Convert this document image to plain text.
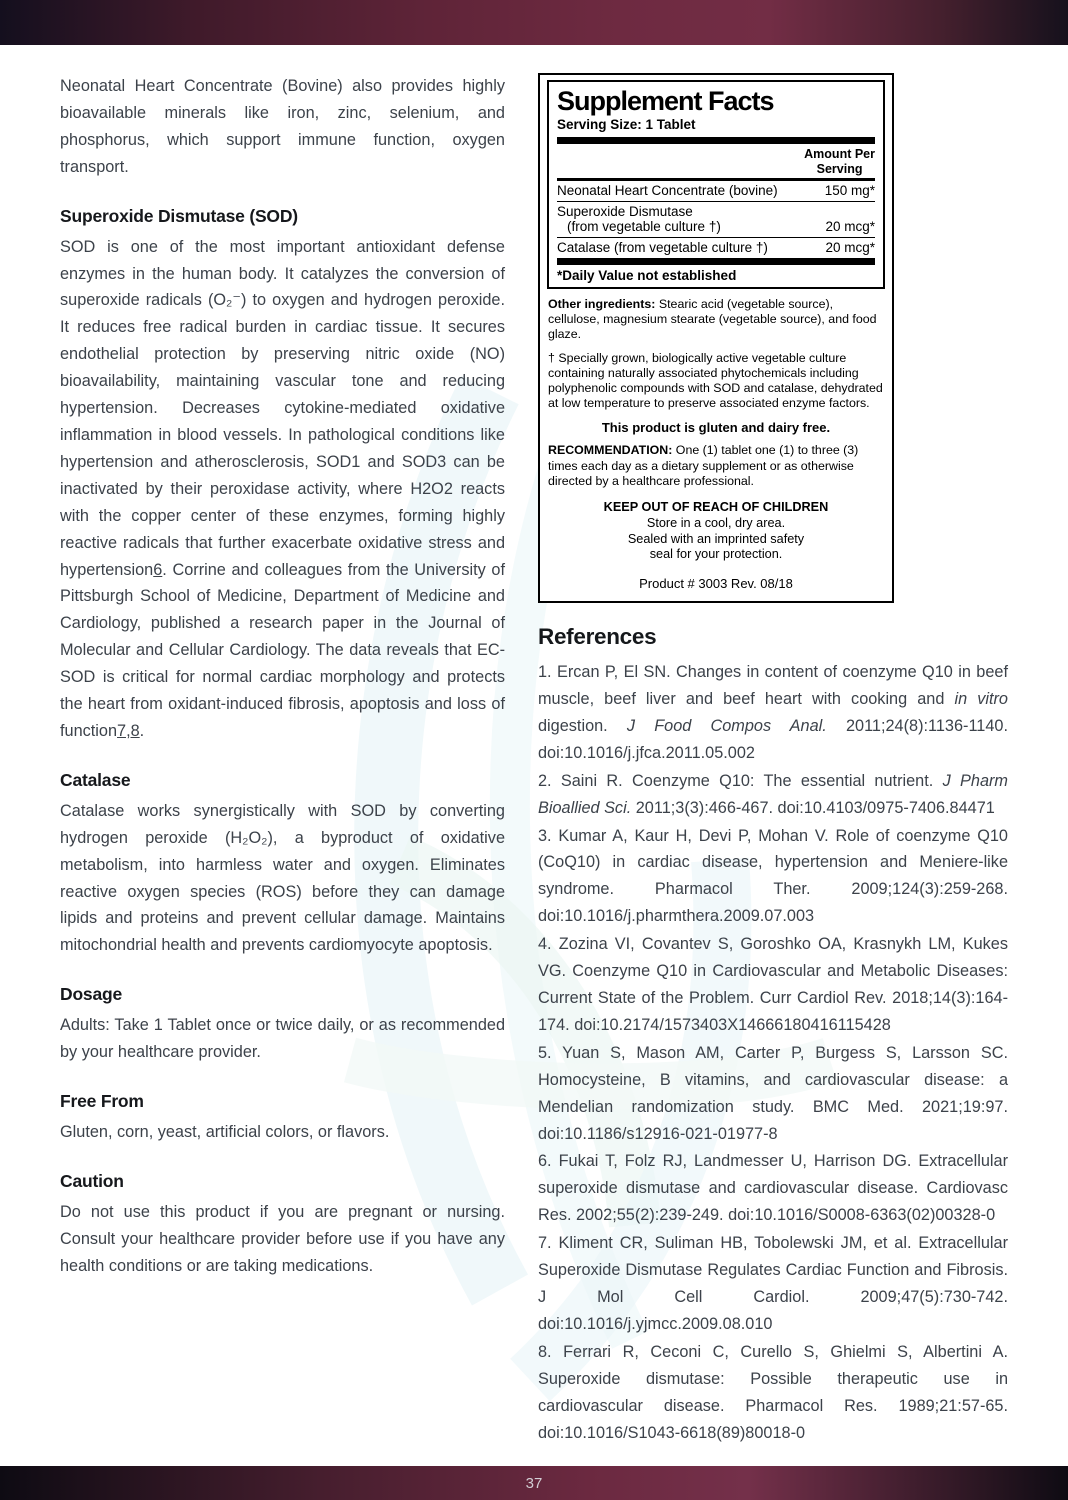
Neonatal Heart Concentrate (Bovine) also provides highly bioavailable minerals like iron, zinc, selenium, and phosphorus, which support immune function, oxygen transport.

Superoxide Dismutase (SOD)

SOD is one of the most important antioxidant defense enzymes in the human body. It catalyzes the conversion of superoxide radicals (O₂⁻) to oxygen and hydrogen peroxide. It reduces free radical burden in cardiac tissue. It secures endothelial protection by preserving nitric oxide (NO) bioavailability, maintaining vascular tone and reducing hypertension. Decreases cytokine-mediated oxidative inflammation in blood vessels. In pathological conditions like hypertension and atherosclerosis, SOD1 and SOD3 can be inactivated by their peroxidase activity, where H2O2 reacts with the copper center of these enzymes, forming highly reactive radicals that further exacerbate oxidative stress and hypertension6. Corrine and colleagues from the University of Pittsburgh School of Medicine, Department of Medicine and Cardiology, published a research paper in the Journal of Molecular and Cellular Cardiology. The data reveals that EC-SOD is critical for normal cardiac morphology and protects the heart from oxidant-induced fibrosis, apoptosis and loss of function7,8.

Catalase

Catalase works synergistically with SOD by converting hydrogen peroxide (H₂O₂), a byproduct of oxidative metabolism, into harmless water and oxygen. Eliminates reactive oxygen species (ROS) before they can damage lipids and proteins and prevent cellular damage. Maintains mitochondrial health and prevents cardiomyocyte apoptosis.

Dosage

Adults: Take 1 Tablet once or twice daily, or as recommended by your healthcare provider.

Free From

Gluten, corn, yeast, artificial colors, or flavors.

Caution

Do not use this product if you are pregnant or nursing. Consult your healthcare provider before use if you have any health conditions or are taking medications.

Supplement Facts
Serving Size: 1 Tablet
Amount Per
Serving
Neonatal Heart Concentrate (bovine)	150 mg*
Superoxide Dismutase
(from vegetable culture †)	20 mcg*
Catalase (from vegetable culture †)	20 mcg*
*Daily Value not established

Other ingredients: Stearic acid (vegetable source), cellulose, magnesium stearate (vegetable source), and food glaze.

† Specially grown, biologically active vegetable culture containing naturally associated phytochemicals including polyphenolic compounds with SOD and catalase, dehydrated at low temperature to preserve associated enzyme factors.

This product is gluten and dairy free.

RECOMMENDATION: One (1) tablet one (1) to three (3) times each day as a dietary supplement or as otherwise directed by a healthcare professional.

KEEP OUT OF REACH OF CHILDREN
Store in a cool, dry area.
Sealed with an imprinted safety
seal for your protection.
Product # 3003 Rev. 08/18
References

1. Ercan P, El SN. Changes in content of coenzyme Q10 in beef muscle, beef liver and beef heart with cooking and in vitro digestion. J Food Compos Anal. 2011;24(8):1136-1140. doi:10.1016/j.jfca.2011.05.002

2. Saini R. Coenzyme Q10: The essential nutrient. J Pharm Bioallied Sci. 2011;3(3):466-467. doi:10.4103/0975-7406.84471

3. Kumar A, Kaur H, Devi P, Mohan V. Role of coenzyme Q10 (CoQ10) in cardiac disease, hypertension and Meniere-like syndrome. Pharmacol Ther. 2009;124(3):259-268. doi:10.1016/j.pharmthera.2009.07.003

4. Zozina VI, Covantev S, Goroshko OA, Krasnykh LM, Kukes VG. Coenzyme Q10 in Cardiovascular and Metabolic Diseases: Current State of the Problem. Curr Cardiol Rev. 2018;14(3):164-174. doi:10.2174/1573403X14666180416115428

5. Yuan S, Mason AM, Carter P, Burgess S, Larsson SC. Homocysteine, B vitamins, and cardiovascular disease: a Mendelian randomization study. BMC Med. 2021;19:97. doi:10.1186/s12916-021-01977-8

6. Fukai T, Folz RJ, Landmesser U, Harrison DG. Extracellular superoxide dismutase and cardiovascular disease. Cardiovasc Res. 2002;55(2):239-249. doi:10.1016/S0008-6363(02)00328-0

7. Kliment CR, Suliman HB, Tobolewski JM, et al. Extracellular Superoxide Dismutase Regulates Cardiac Function and Fibrosis. J Mol Cell Cardiol. 2009;47(5):730-742. doi:10.1016/j.yjmcc.2009.08.010

8. Ferrari R, Ceconi C, Curello S, Ghielmi S, Albertini A. Superoxide dismutase: Possible therapeutic use in cardiovascular disease. Pharmacol Res. 1989;21:57-65. doi:10.1016/S1043-6618(89)80018-0

37
